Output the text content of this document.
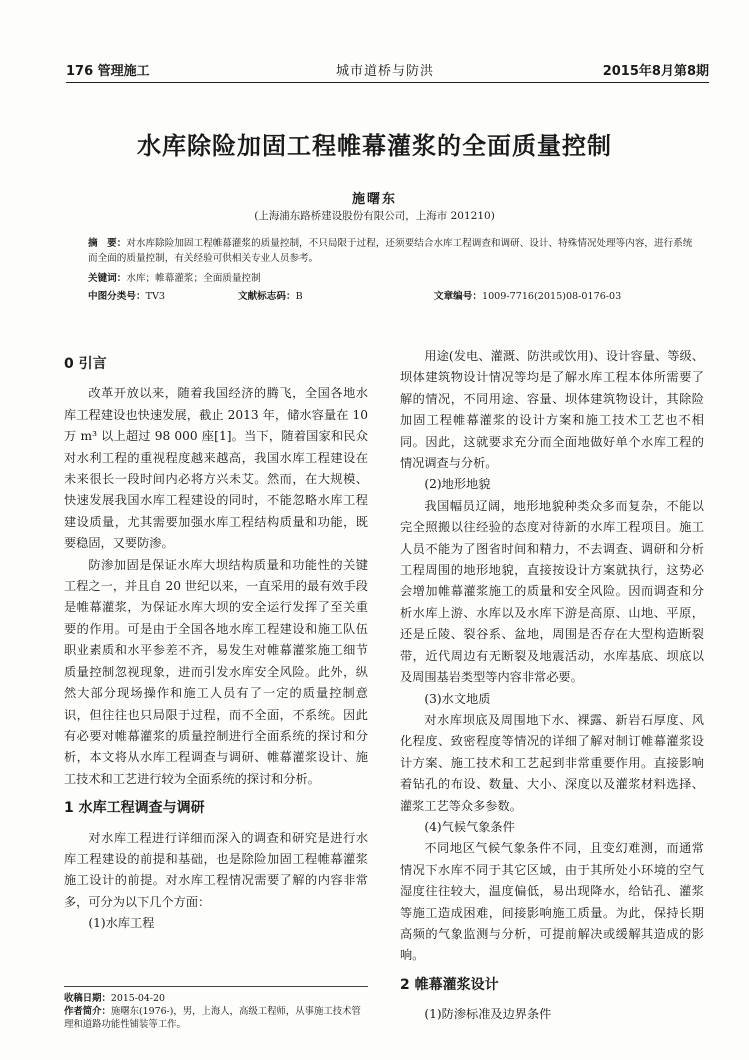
176 管理施工	城市道桥与防洪	2015年8月第8期
水库除险加固工程帷幕灌浆的全面质量控制
施曙东
(上海浦东路桥建设股份有限公司，上海市 201210)
摘　要：对水库除险加固工程帷幕灌浆的质量控制，不只局限于过程，还须要结合水库工程调查和调研、设计、特殊情况处理等内容，进行系统而全面的质量控制，有关经验可供相关专业人员参考。
关键词：水库；帷幕灌浆；全面质量控制
中图分类号：TV3	文献标志码：B	文章编号：1009-7716(2015)08-0176-03
0 引言

改革开放以来，随着我国经济的腾飞，全国各地水库工程建设也快速发展，截止 2013 年，储水容量在 10 万 m³ 以上超过 98 000 座[1]。当下，随着国家和民众对水利工程的重视程度越来越高，我国水库工程建设在未来很长一段时间内必将方兴未艾。然而，在大规模、快速发展我国水库工程建设的同时，不能忽略水库工程建设质量，尤其需要加强水库工程结构质量和功能，既要稳固，又要防渗。

防渗加固是保证水库大坝结构质量和功能性的关键工程之一，并且自 20 世纪以来，一直采用的最有效手段是帷幕灌浆，为保证水库大坝的安全运行发挥了至关重要的作用。可是由于全国各地水库工程建设和施工队伍职业素质和水平参差不齐，易发生对帷幕灌浆施工细节质量控制忽视现象，进而引发水库安全风险。此外，纵然大部分现场操作和施工人员有了一定的质量控制意识，但往往也只局限于过程，而不全面，不系统。因此有必要对帷幕灌浆的质量控制进行全面系统的探讨和分析，本文将从水库工程调查与调研、帷幕灌浆设计、施工技术和工艺进行较为全面系统的探讨和分析。

1 水库工程调查与调研

对水库工程进行详细而深入的调查和研究是进行水库工程建设的前提和基础，也是除险加固工程帷幕灌浆施工设计的前提。对水库工程情况需要了解的内容非常多，可分为以下几个方面：

(1)水库工程

收稿日期：2015-04-20
作者简介：施曙东(1976-)，男，上海人，高级工程师，从事施工技术管理和道路功能性铺装等工作。

用途(发电、灌溉、防洪或饮用)、设计容量、等级、坝体建筑物设计情况等均是了解水库工程本体所需要了解的情况，不同用途、容量、坝体建筑物设计，其除险加固工程帷幕灌浆的设计方案和施工技术工艺也不相同。因此，这就要求充分而全面地做好单个水库工程的情况调查与分析。

(2)地形地貌

我国幅员辽阔，地形地貌种类众多而复杂，不能以完全照搬以往经验的态度对待新的水库工程项目。施工人员不能为了图省时间和精力，不去调查、调研和分析工程周围的地形地貌，直接按设计方案就执行，这势必会增加帷幕灌浆施工的质量和安全风险。因而调查和分析水库上游、水库以及水库下游是高原、山地、平原，还是丘陵、裂谷系、盆地，周围是否存在大型构造断裂带，近代周边有无断裂及地震活动，水库基底、坝底以及周围基岩类型等内容非常必要。

(3)水文地质

对水库坝底及周围地下水、裸露、新岩石厚度、风化程度、致密程度等情况的详细了解对制订帷幕灌浆设计方案、施工技术和工艺起到非常重要作用。直接影响着钻孔的布设、数量、大小、深度以及灌浆材料选择、灌浆工艺等众多参数。

(4)气候气象条件

不同地区气候气象条件不同，且变幻难测，而通常情况下水库不同于其它区域，由于其所处小环境的空气湿度往往较大，温度偏低，易出现降水，给钻孔、灌浆等施工造成困难，间接影响施工质量。为此，保持长期高频的气象监测与分析，可提前解决或缓解其造成的影响。

2 帷幕灌浆设计

(1)防渗标准及边界条件
